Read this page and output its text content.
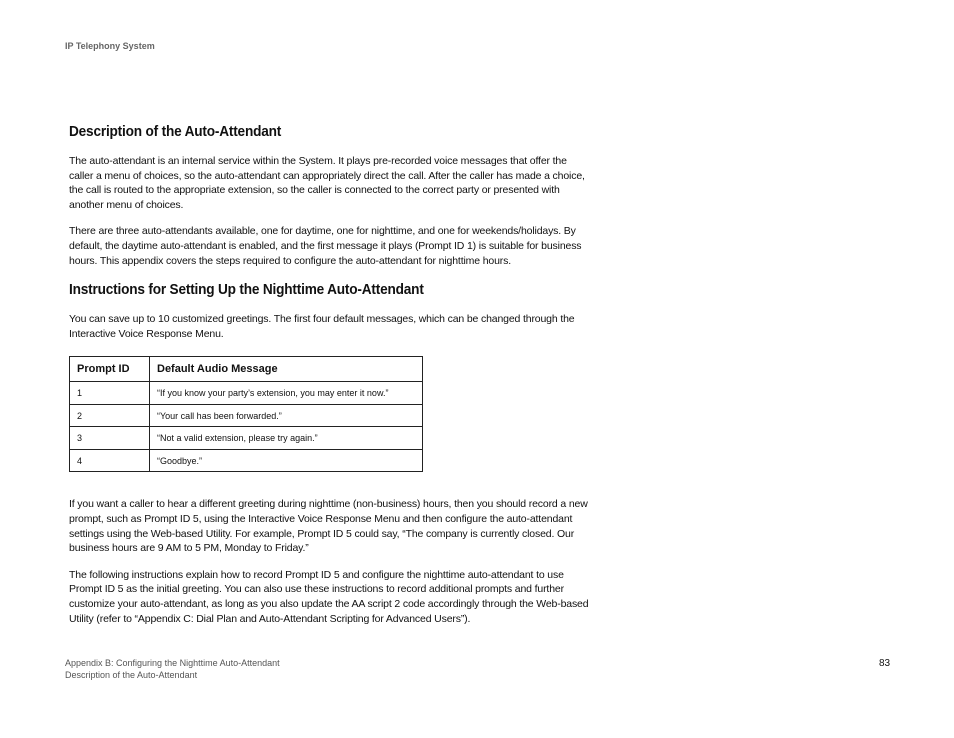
IP Telephony System
Description of the Auto-Attendant

The auto-attendant is an internal service within the System. It plays pre-recorded voice messages that offer the caller a menu of choices, so the auto-attendant can appropriately direct the call. After the caller has made a choice, the call is routed to the appropriate extension, so the caller is connected to the correct party or presented with another menu of choices.

There are three auto-attendants available, one for daytime, one for nighttime, and one for weekends/holidays. By default, the daytime auto-attendant is enabled, and the first message it plays (Prompt ID 1) is suitable for business hours. This appendix covers the steps required to configure the auto-attendant for nighttime hours.

Instructions for Setting Up the Nighttime Auto-Attendant

You can save up to 10 customized greetings. The first four default messages, which can be changed through the Interactive Voice Response Menu.

Prompt ID	Default Audio Message
1	“If you know your party’s extension, you may enter it now.”
2	“Your call has been forwarded.”
3	“Not a valid extension, please try again.”
4	“Goodbye.”

If you want a caller to hear a different greeting during nighttime (non-business) hours, then you should record a new prompt, such as Prompt ID 5, using the Interactive Voice Response Menu and then configure the auto-attendant settings using the Web-based Utility. For example, Prompt ID 5 could say, “The company is currently closed. Our business hours are 9 AM to 5 PM, Monday to Friday.”

The following instructions explain how to record Prompt ID 5 and configure the nighttime auto-attendant to use Prompt ID 5 as the initial greeting. You can also use these instructions to record additional prompts and further customize your auto-attendant, as long as you also update the AA script 2 code accordingly through the Web-based Utility (refer to “Appendix C: Dial Plan and Auto-Attendant Scripting for Advanced Users”).

Appendix B: Configuring the Nighttime Auto-Attendant
Description of the Auto-Attendant
83
